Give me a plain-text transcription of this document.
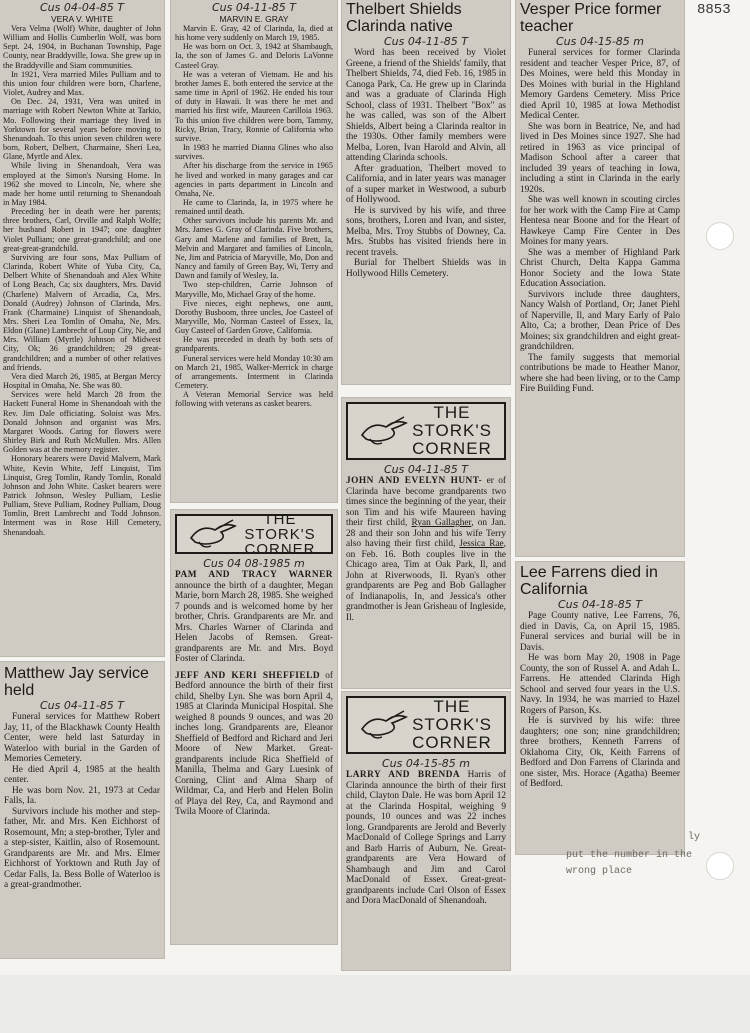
8853
Cus 04-04-85 T
VERA V. WHITE

Vera Velma (Wolf) White, daughter of John William and Hollis Cumberlin Wolf, was born Sept. 24, 1904, in Buchanan Township, Page County, near Braddyville, Iowa. She grew up in the Braddyville and Siam communities.

In 1921, Vera married Miles Pulliam and to this union four children were born, Charlene, Violet, Audrey and Max.

On Dec. 24, 1931, Vera was united in marriage with Robert Newton White at Tarkio, Mo. Following their marriage they lived in Yorktown for several years before moving to Shenandoah. To this union seven children were born, Robert, Delbert, Charmaine, Sheri Lea, Glane, Myrtle and Alex.

While living in Shenandoah, Vera was employed at the Simon's Nursing Home. In 1962 she moved to Lincoln, Ne, where she made her home until returning to Shenandoah in May 1984.

Preceding her in death were her parents; three brothers, Carl, Orville and Ralph Wolfe; her husband Robert in 1947; one daughter Violet Pulliam; one great-grandchild; and one great-great-grandchild.

Surviving are four sons, Max Pulliam of Clarinda, Robert White of Yuba City, Ca, Delbert White of Shenandoah and Alex White of Long Beach, Ca; six daughters, Mrs. David (Charlene) Malvern of Arcadia, Ca, Mrs. Donald (Audrey) Johnson of Clarinda, Mrs. Frank (Charmaine) Linquist of Shenandoah, Mrs. Sheri Lea Tomlin of Omaha, Ne, Mrs. Eldon (Glane) Lambrecht of Loup City, Ne, and Mrs. William (Myrtle) Johnson of Midwest City, Ok; 36 grandchildren; 29 great-grandchildren; and a number of other relatives and friends.

Vera died March 26, 1985, at Bergan Mercy Hospital in Omaha, Ne. She was 80.

Services were held March 28 from the Hackett Funeral Home in Shenandoah with the Rev. Jim Dale officiating. Soloist was Mrs. Donald Johnson and organist was Mrs. Margaret Woods. Caring for flowers were Shirley Birk and Ruth McMullen. Mrs. Allen Golden was at the memory register.

Honorary bearers were David Malvern, Mark White, Kevin White, Jeff Linquist, Tim Linquist, Greg Tomlin, Randy Tomlin, Ronald Johnson and John White. Casket bearers were Patrick Johnson, Wesley Pulliam, Leslie Pulliam, Steve Pulliam, Rodney Pulliam, Doug Tomlin, Brett Lambrecht and Todd Johnson. Interment was in Rose Hill Cemetery, Shenandoah.

Matthew Jay service held
Cus 04-11-85 T

Funeral services for Matthew Robert Jay, 11, of the Blackhawk County Health Center, were held last Saturday in Waterloo with burial in the Garden of Memories Cemetery.

He died April 4, 1985 at the health center.

He was born Nov. 21, 1973 at Cedar Falls, Ia.

Survivors include his mother and step-father, Mr. and Mrs. Ken Eichhorst of Rosemount, Mn; a step-brother, Tyler and a step-sister, Kaitlin, also of Rosemount. Grandparents are Mr. and Mrs. Elmer Eichhorst of Yorktown and Ruth Jay of Cedar Falls, Ia. Bess Bolle of Waterloo is a great-grandmother.

Cus 04-11-85 T
MARVIN E. GRAY

Marvin E. Gray, 42 of Clarinda, Ia, died at his home very suddenly on March 19, 1985.

He was born on Oct. 3, 1942 at Shambaugh, Ia, the son of James G. and Deloris LaVonne Casteel Gray.

He was a veteran of Vietnam. He and his brother James E. both entered the service at the same time in April of 1962. He ended his tour of duty in Hawaii. It was there he met and married his first wife, Maureen Carilloia 1963. To this union five children were born, Tammy, Ricky, Brian, Tracy, Ronnie of California who survive.

In 1983 he married Dianna Glines who also survives.

After his discharge from the service in 1965 he lived and worked in many garages and car agencies in parts department in Lincoln and Omaha, Ne.

He came to Clarinda, Ia, in 1975 where he remained until death.

Other survivors include his parents Mr. and Mrs. James G. Gray of Clarinda. Five brothers, Gary and Marlene and families of Brett, Ia, Melvin and Margaret and families of Lincoln, Ne, Jim and Patricia of Maryville, Mo, Don and Nancy and family of Green Bay, Wi, Terry and Dawn and family of Wesley, Ia.

Two step-children, Carrie Johnson of Maryville, Mo, Michael Gray of the home.

Five nieces, eight nephews, one aunt, Dorothy Busboom, three uncles, Joe Casteel of Maryville, Mo, Norman Casteel of Essex, Ia, Guy Casteel of Garden Grove, California.

He was preceded in death by both sets of grandparents.

Funeral services were held Monday 10:30 am on March 21, 1985, Walker-Merrick in charge of arrangements. Interment in Clarinda Cemetery.

A Veteran Memorial Service was held following with veterans as casket bearers.

THE STORK'S CORNER
Cus 04 08-1985 m

PAM AND TRACY WARNER announce the birth of a daughter, Megan Marie, born March 28, 1985. She weighed 7 pounds and is welcomed home by her brother, Chris. Grandparents are Mr. and Mrs. Charles Warner of Clarinda and Helen Jacobs of Remsen. Great-grandparents are Mr. and Mrs. Boyd Foster of Clarinda.

JEFF AND KERI SHEFFIELD of Bedford announce the birth of their first child, Shelby Lyn. She was born April 4, 1985 at Clarinda Municipal Hospital. She weighed 8 pounds 9 ounces, and was 20 inches long. Grandparents are, Eleanor Sheffield of Bedford and Richard and Jeri Moore of New Market. Great-grandparents include Rica Sheffield of Manilla, Thelma and Gary Luesink of Corning, Clint and Alma Sharp of Wildmar, Ca, and Herb and Helen Bolin of Playa del Rey, Ca, and Raymond and Twila Moore of Clarinda.

Thelbert Shields Clarinda native
Cus 04-11-85 T

Word has been received by Violet Greene, a friend of the Shields' family, that Thelbert Shields, 74, died Feb. 16, 1985 in Canoga Park, Ca. He grew up in Clarinda and was a graduate of Clarinda High School, class of 1931. Thelbert "Box" as he was called, was son of the Albert Shields, Albert being a Clarinda realtor in the 1930s. Other family members were Melba, Loren, Ivan Harold and Alvin, all attending Clarinda schools.

After graduation, Thelbert moved to California, and in later years was manager of a super market in Westwood, a suburb of Hollywood.

He is survived by his wife, and three sons, brothers, Loren and Ivan, and sister, Melba, Mrs. Troy Stubbs of Downey, Ca. Mrs. Stubbs has visited friends here in recent travels.

Burial for Thelbert Shields was in Hollywood Hills Cemetery.

THE STORK'S CORNER
Cus 04-11-85 T

JOHN AND EVELYN HUNT- er of Clarinda have become grandparents two times since the beginning of the year, their son Tim and his wife Maureen having their first child, Ryan Gallagher, on Jan. 28 and their son John and his wife Terry also having their first child, Jessica Rae, on Feb. 16. Both couples live in the Chicago area, Tim at Oak Park, Il, and John at Riverwoods, Il. Ryan's other grandparents are Peg and Bob Gallagher of Indianapolis, In, and Jessica's other grandmother is Jean Grisheau of Ingleside, Il.

THE STORK'S CORNER
Cus 04-15-85 m

LARRY AND BRENDA Harris of Clarinda announce the birth of their first child, Clayton Dale. He was born April 12 at the Clarinda Hospital, weighing 9 pounds, 10 ounces and was 22 inches long. Grandparents are Jerold and Beverly MacDonald of College Springs and Larry and Barb Harris of Auburn, Ne. Great-grandparents are Vera Howard of Shambaugh and Jim and Carol MacDonald of Essex. Great-great-grandparents include Carl Olson of Essex and Dora MacDonald of Shenandoah.

Vesper Price former teacher
Cus 04-15-85 m

Funeral services for former Clarinda resident and teacher Vesper Price, 87, of Des Moines, were held this Monday in Des Moines with burial in the Highland Memory Gardens Cemetery. Miss Price died April 10, 1985 at Iowa Methodist Medical Center.

She was born in Beatrice, Ne, and had lived in Des Moines since 1927. She had retired in 1963 as vice principal of Madison School after a career that included 39 years of teaching in Iowa, including a stint in Clarinda in the early 1920s.

She was well known in scouting circles for her work with the Camp Fire at Camp Hentesa near Boone and for the Heart of Hawkeye Camp Fire Center in Des Moines for many years.

She was a member of Highland Park Christ Church, Delta Kappa Gamma Honor Society and the Iowa State Education Association.

Survivors include three daughters, Nancy Walsh of Portland, Or; Janet Piehl of Naperville, Il, and Mary Early of Palo Alto, Ca; a brother, Dean Price of Des Moines; six grandchildren and eight great-grandchildren.

The family suggests that memorial contributions be made to Heather Manor, where she had been living, or to the Camp Fire Building Fund.

Lee Farrens died in California
Cus 04-18-85 T

Page County native, Lee Farrens, 76, died in Davis, Ca, on April 15, 1985. Funeral services and burial will be in Davis.

He was born May 20, 1908 in Page County, the son of Russel A. and Adah L. Farrens. He attended Clarinda High School and served four years in the U.S. Navy. In 1934, he was married to Hazel Rogers of Parson, Ks.

He is survived by his wife: three daughters; one son; nine grandchildren; three brothers, Kenneth Farrens of Oklahoma City, Ok, Keith Farrens of Bedford and Don Farrens of Clarinda and one sister, Mrs. Horace (Agatha) Beemer of Bedford.

ly
put the number in the
wrong place
